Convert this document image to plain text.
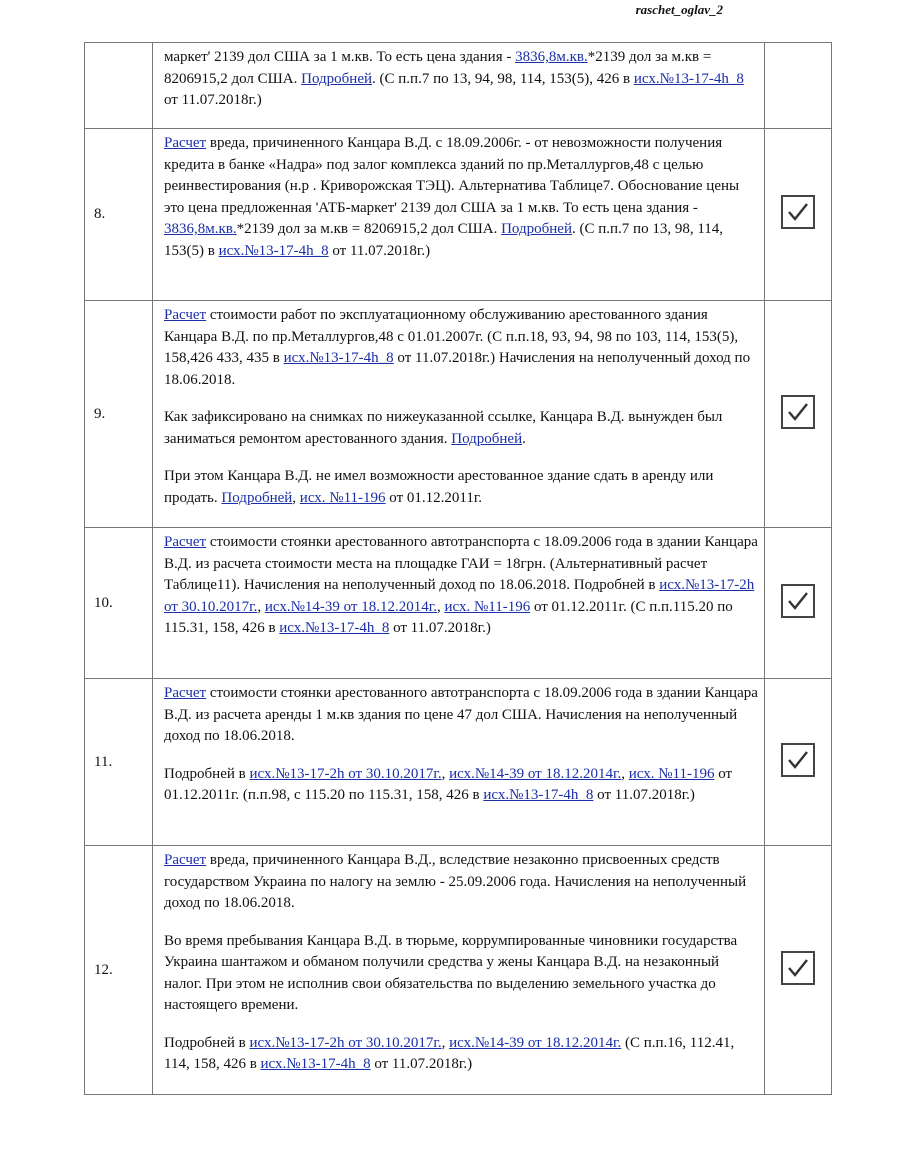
raschet_oglav_2

	маркет' 2139 дол США за 1 м.кв. То есть цена здания - 3836,8м.кв.*2139 дол за м.кв = 8206915,2 дол США. Подробней. (С п.п.7 по 13, 94, 98, 114, 153(5), 426 в исх.№13-17-4h_8 от 11.07.2018г.)	

8.	Расчет вреда, причиненного Канцара В.Д. с 18.09.2006г. - от невозможности получения кредита в банке «Надра» под залог комплекса зданий по пр.Металлургов,48 с целью реинвестирования (н.р . Криворожская ТЭЦ). Альтернатива Таблице7. Обоснование цены это цена предложенная 'АТБ-маркет' 2139 дол США за 1 м.кв. То есть цена здания - 3836,8м.кв.*2139 дол за м.кв = 8206915,2 дол США. Подробней. (С п.п.7 по 13, 98, 114, 153(5) в исх.№13-17-4h_8 от 11.07.2018г.)

9.	Расчет стоимости работ по эксплуатационному обслуживанию арестованного здания Канцара В.Д. по пр.Металлургов,48 с 01.01.2007г. (С п.п.18, 93, 94, 98 по 103, 114, 153(5), 158,426 433, 435 в исх.№13-17-4h_8 от 11.07.2018г.) Начисления на неполученный доход по 18.06.2018.

Как зафиксировано на снимках по нижеуказанной ссылке, Канцара В.Д. вынужден был заниматься ремонтом арестованного здания. Подробней.

При этом Канцара В.Д. не имел возможности арестованное здание сдать в аренду или продать. Подробней, исх. №11-196 от 01.12.2011г.

10.	Расчет стоимости стоянки арестованного автотранспорта с 18.09.2006 года в здании Канцара В.Д. из расчета стоимости места на площадке ГАИ = 18грн. (Альтернативный расчет Таблице11). Начисления на неполученный доход по 18.06.2018. Подробней в исх.№13-17-2h от 30.10.2017г., исх.№14-39 от 18.12.2014г., исх. №11-196 от 01.12.2011г. (С п.п.115.20 по 115.31, 158, 426 в исх.№13-17-4h_8 от 11.07.2018г.)

11.	Расчет стоимости стоянки арестованного автотранспорта с 18.09.2006 года в здании Канцара В.Д. из расчета аренды 1 м.кв здания по цене 47 дол США. Начисления на неполученный доход по 18.06.2018.

Подробней в исх.№13-17-2h от 30.10.2017г., исх.№14-39 от 18.12.2014г., исх. №11-196 от 01.12.2011г. (п.п.98, с 115.20 по 115.31, 158, 426 в исх.№13-17-4h_8 от 11.07.2018г.)

12.	Расчет вреда, причиненного Канцара В.Д., вследствие незаконно присвоенных средств государством Украина по налогу на землю - 25.09.2006 года. Начисления на неполученный доход по 18.06.2018.

Во время пребывания Канцара В.Д. в тюрьме, коррумпированные чиновники государства Украина шантажом и обманом получили средства у жены Канцара В.Д. на незаконный налог. При этом не исполнив свои обязательства по выделению земельного участка до настоящего времени.

Подробней в исх.№13-17-2h от 30.10.2017г., исх.№14-39 от 18.12.2014г. (С п.п.16, 112.41, 114, 158, 426 в исх.№13-17-4h_8 от 11.07.2018г.)
